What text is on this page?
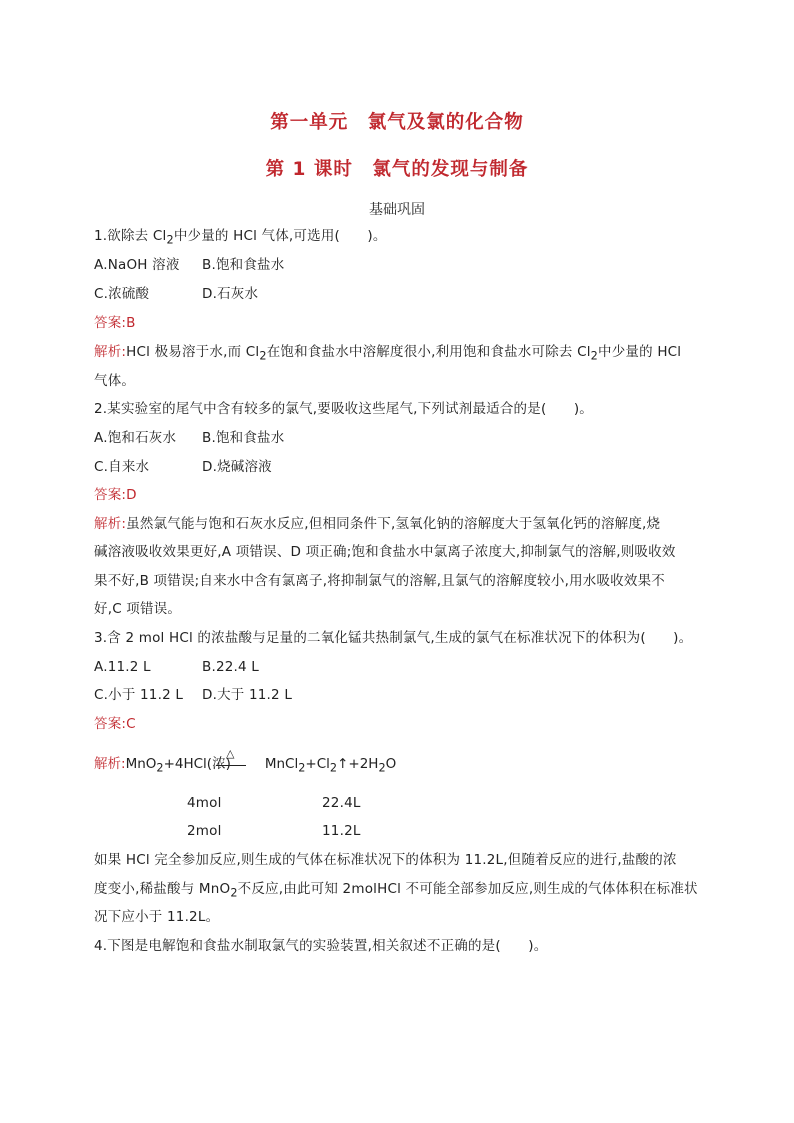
第一单元　氯气及氯的化合物
第 1 课时　氯气的发现与制备
基础巩固
1.欲除去 $Cl_2$中少量的 HCl 气体,可选用(　　)。
A.NaOH 溶液 B.饱和食盐水
C.浓硫酸	D.石灰水
答案:B
解析:HCl 极易溶于水,而 $Cl_2$在饱和食盐水中溶解度很小,利用饱和食盐水可除去 $Cl_2$中少量的 HCl
气体。
2.某实验室的尾气中含有较多的氯气,要吸收这些尾气,下列试剂最适合的是(　　)。
A.饱和石灰水 B.饱和食盐水
C.自来水	D.烧碱溶液
答案:D
解析:虽然氯气能与饱和石灰水反应,但相同条件下,氢氧化钠的溶解度大于氢氧化钙的溶解度,烧
碱溶液吸收效果更好,A 项错误、D 项正确;饱和食盐水中氯离子浓度大,抑制氯气的溶解,则吸收效
果不好,B 项错误;自来水中含有氯离子,将抑制氯气的溶解,且氯气的溶解度较小,用水吸收效果不
好,C 项错误。
3.含 2 mol HCl 的浓盐酸与足量的二氧化锰共热制氯气,生成的氯气在标准状况下的体积为(　　)。
A.11.2 L	B.22.4 L
C.小于 11.2 L D.大于 11.2 L
答案:C
△
解析:MnO$_2$+4HCl(浓)	$MnCl_2+Cl_2↑+2H_2O$
4mol	22.4L
2mol	11.2L
如果 HCl 完全参加反应,则生成的气体在标准状况下的体积为 11.2L,但随着反应的进行,盐酸的浓
度变小,稀盐酸与 MnO$_2$不反应,由此可知 2molHCl 不可能全部参加反应,则生成的气体体积在标准状
况下应小于 11.2L。
4.下图是电解饱和食盐水制取氯气的实验装置,相关叙述不正确的是(　　)。
